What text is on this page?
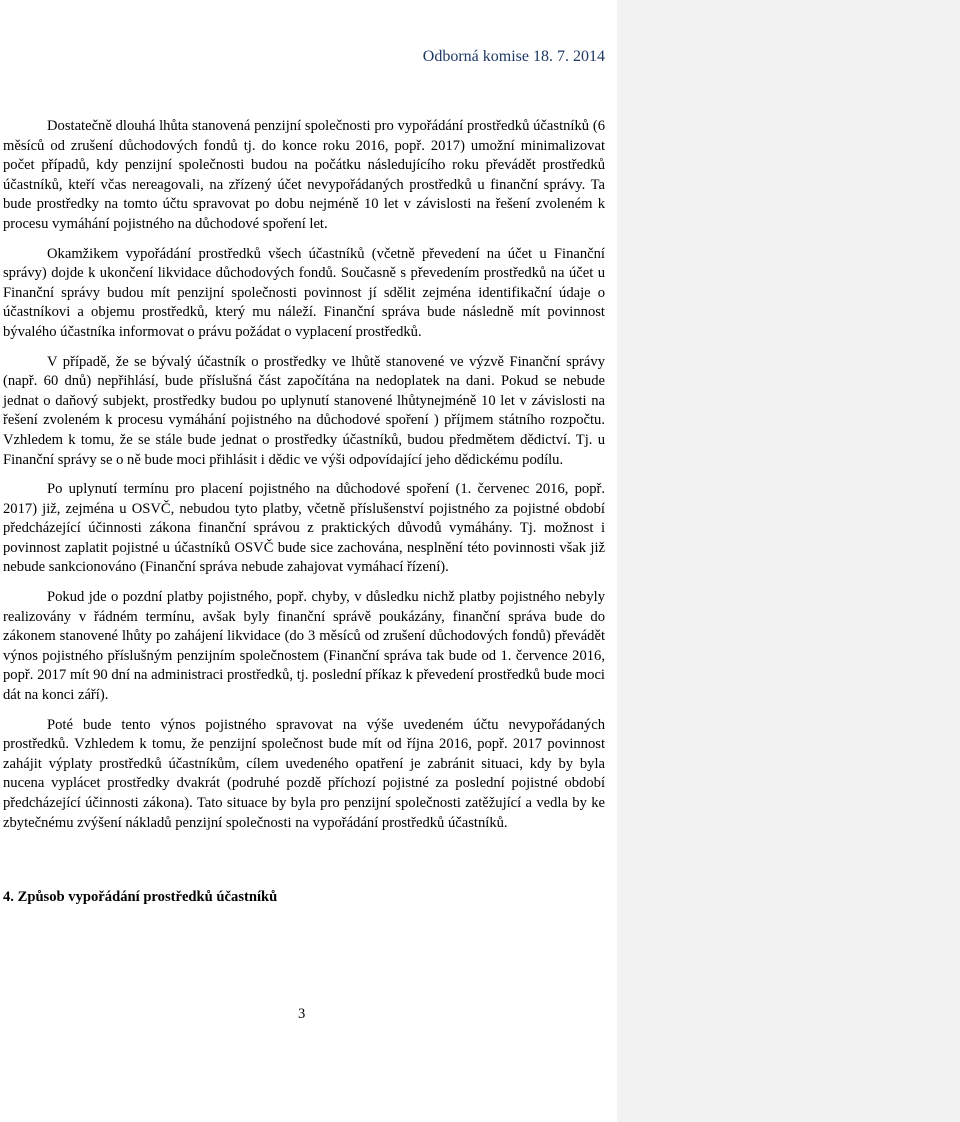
Odborná komise 18. 7. 2014

Dostatečně dlouhá lhůta stanovená penzijní společnosti pro vypořádání prostředků účastníků (6 měsíců od zrušení důchodových fondů tj. do konce roku 2016, popř. 2017) umožní minimalizovat počet případů, kdy penzijní společnosti budou na počátku následujícího roku převádět prostředků účastníků, kteří včas nereagovali, na zřízený účet nevypořádaných prostředků u finanční správy. Ta bude prostředky na tomto účtu spravovat po dobu nejméně 10 let v závislosti na řešení zvoleném k procesu vymáhání pojistného na důchodové spoření let.

Okamžikem vypořádání prostředků všech účastníků (včetně převedení na účet u Finanční správy) dojde k ukončení likvidace důchodových fondů. Současně s převedením prostředků na účet u Finanční správy budou mít penzijní společnosti povinnost jí sdělit zejména identifikační údaje o účastníkovi a objemu prostředků, který mu náleží. Finanční správa bude následně mít povinnost bývalého účastníka informovat o právu požádat o vyplacení prostředků.

V případě, že se bývalý účastník o prostředky ve lhůtě stanovené ve výzvě Finanční správy (např. 60 dnů) nepřihlásí, bude příslušná část započítána na nedoplatek na dani. Pokud se nebude jednat o daňový subjekt, prostředky budou po uplynutí stanovené lhůtynejméně 10 let v závislosti na řešení zvoleném k procesu vymáhání pojistného na důchodové spoření ) příjmem státního rozpočtu. Vzhledem k tomu, že se stále bude jednat o prostředky účastníků, budou předmětem dědictví. Tj. u Finanční správy se o ně bude moci přihlásit i dědic ve výši odpovídající jeho dědickému podílu.

Po uplynutí termínu pro placení pojistného na důchodové spoření (1. červenec 2016, popř. 2017) již, zejména u OSVČ, nebudou tyto platby, včetně příslušenství pojistného za pojistné období předcházející účinnosti zákona finanční správou z praktických důvodů vymáhány. Tj. možnost i povinnost zaplatit pojistné u účastníků OSVČ bude sice zachována, nesplnění této povinnosti však již nebude sankcionováno (Finanční správa nebude zahajovat vymáhací řízení).

Pokud jde o pozdní platby pojistného, popř. chyby, v důsledku nichž platby pojistného nebyly realizovány v řádném termínu, avšak byly finanční správě poukázány, finanční správa bude do zákonem stanovené lhůty po zahájení likvidace (do 3 měsíců od zrušení důchodových fondů) převádět výnos pojistného příslušným penzijním společnostem (Finanční správa tak bude od 1. července 2016, popř. 2017 mít 90 dní na administraci prostředků, tj. poslední příkaz k převedení prostředků bude moci dát na konci září).

Poté bude tento výnos pojistného spravovat na výše uvedeném účtu nevypořádaných prostředků. Vzhledem k tomu, že penzijní společnost bude mít od října 2016, popř. 2017 povinnost zahájit výplaty prostředků účastníkům, cílem uvedeného opatření je zabránit situaci, kdy by byla nucena vyplácet prostředky dvakrát (podruhé pozdě příchozí pojistné za poslední pojistné období předcházející účinnosti zákona). Tato situace by byla pro penzijní společnosti zatěžující a vedla by ke zbytečnému zvýšení nákladů penzijní společnosti na vypořádání prostředků účastníků.

4. Způsob vypořádání prostředků účastníků
3
